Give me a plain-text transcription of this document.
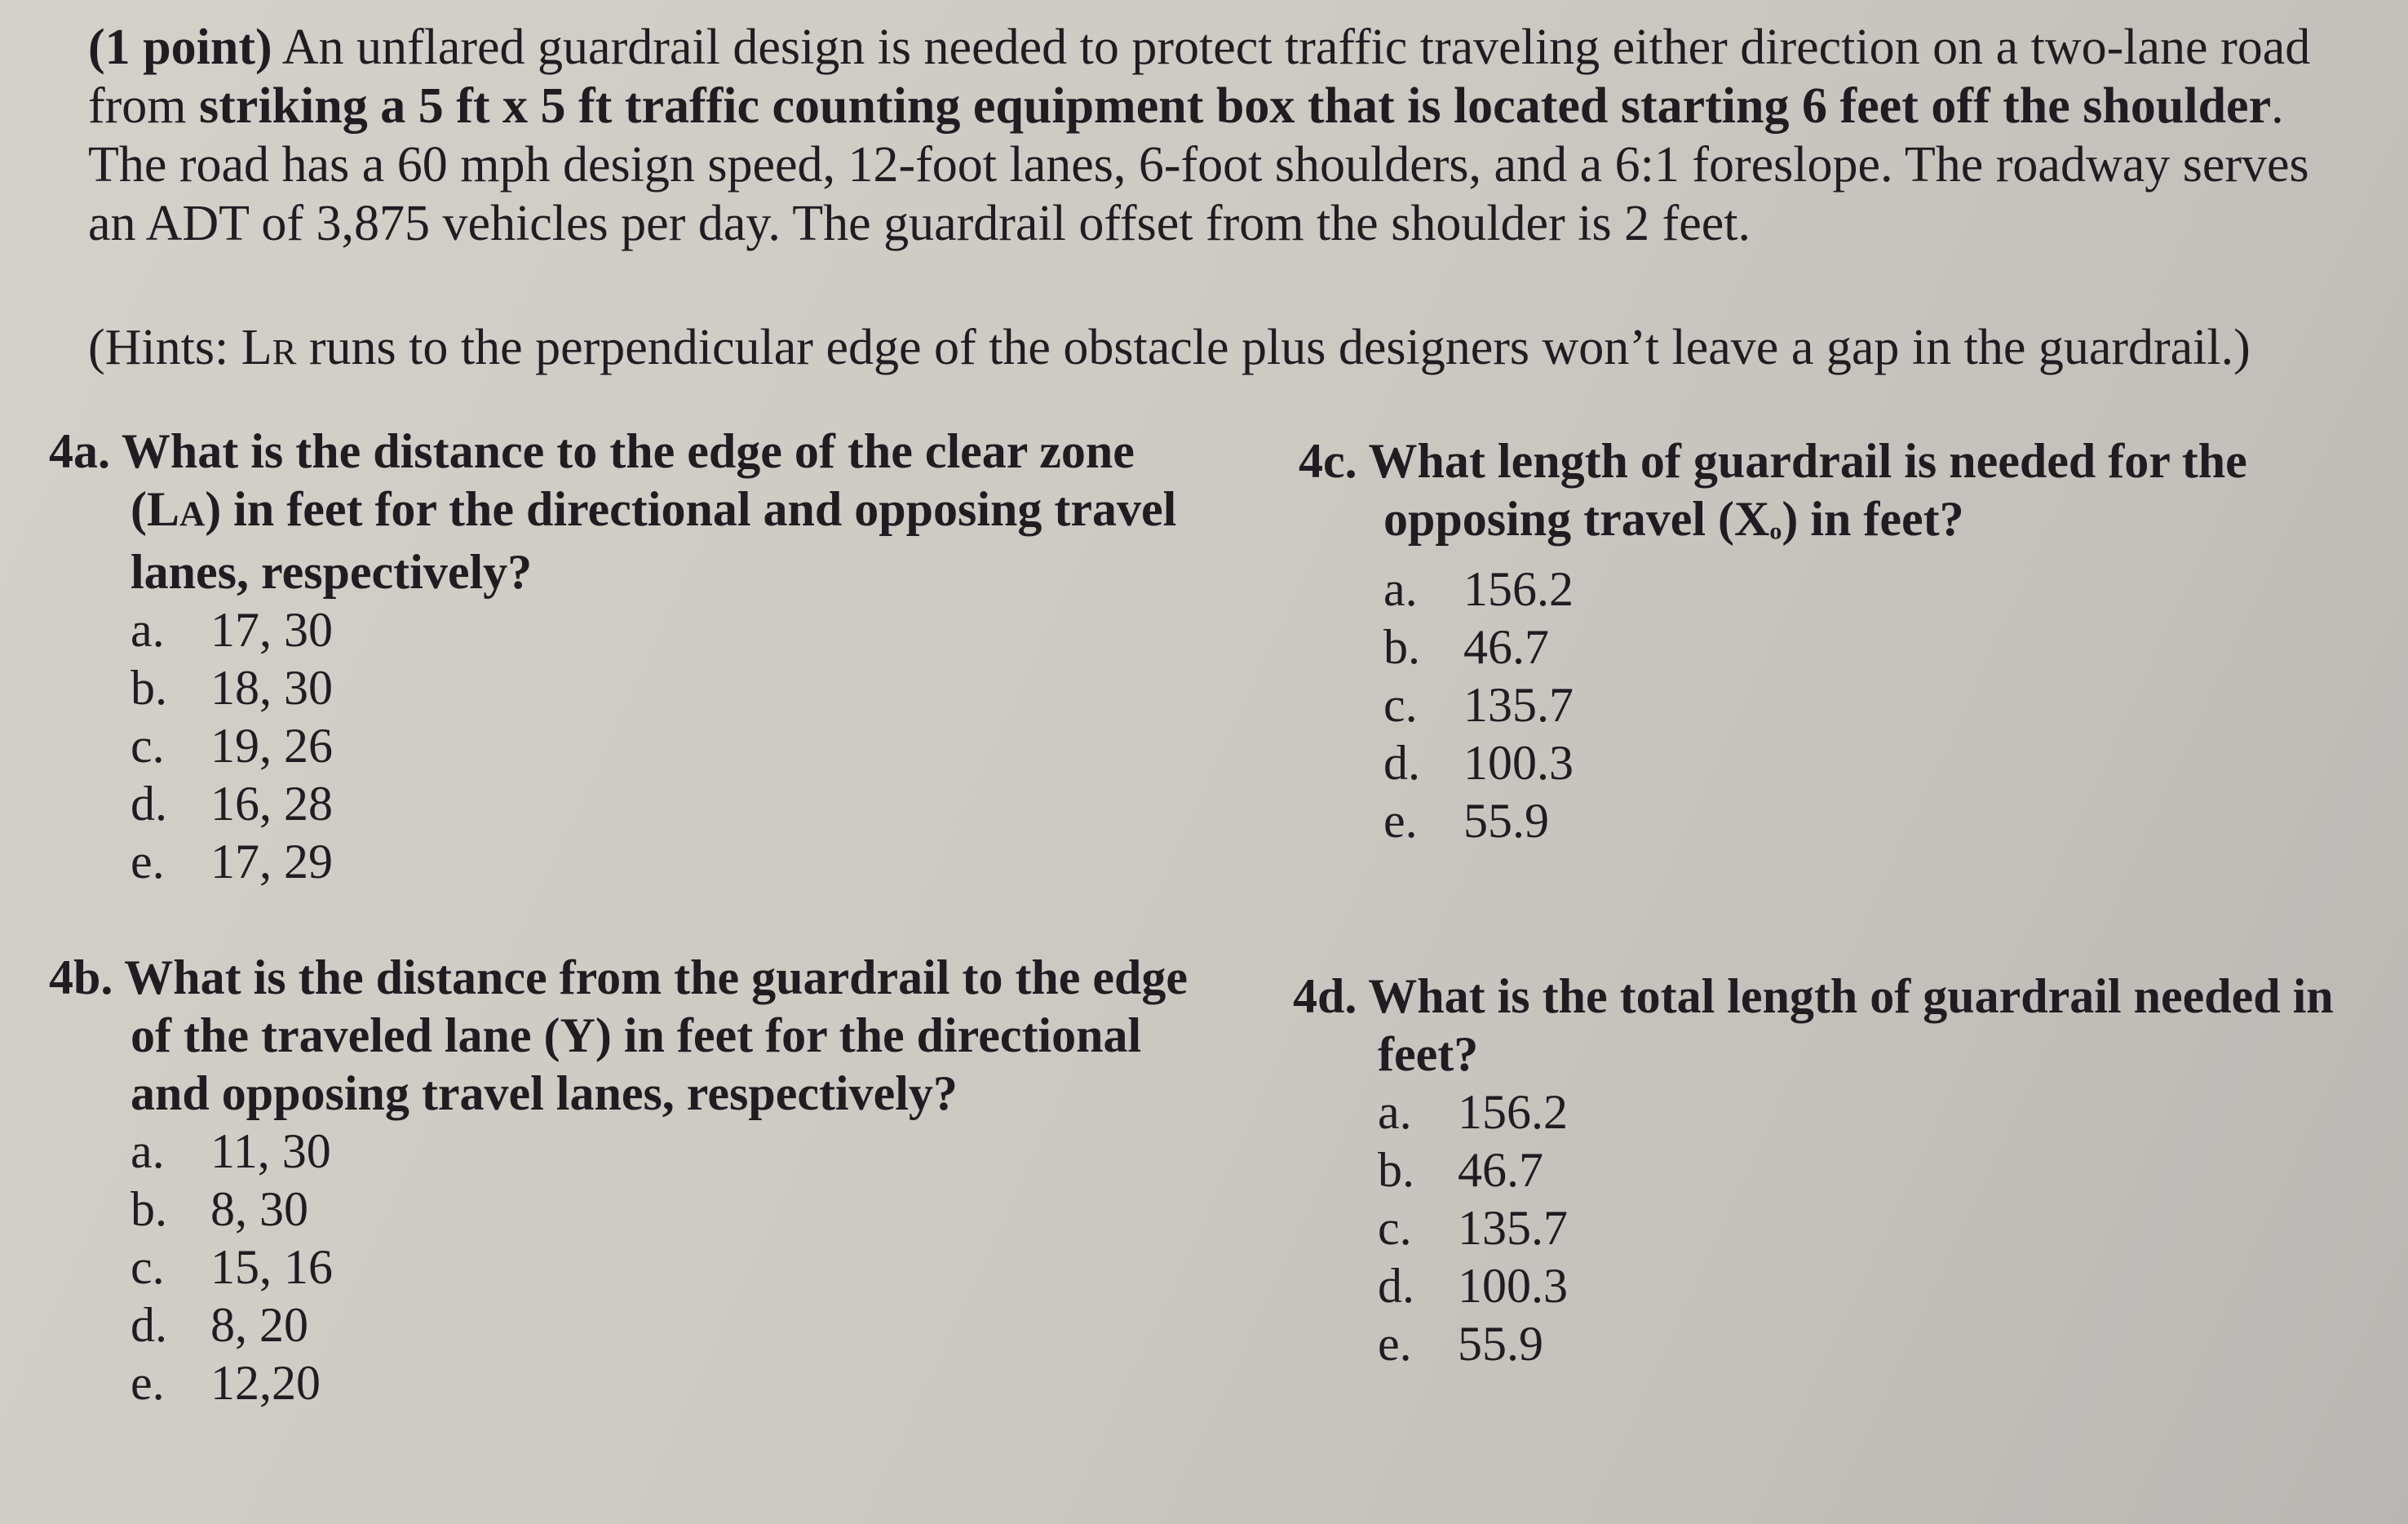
(1 point) An unflared guardrail design is needed to protect traffic traveling either direction on a two-lane road from striking a 5 ft x 5 ft traffic counting equipment box that is located starting 6 feet off the shoulder. The road has a 60 mph design speed, 12-foot lanes, 6-foot shoulders, and a 6:1 foreslope. The roadway serves an ADT of 3,875 vehicles per day. The guardrail offset from the shoulder is 2 feet.

(Hints: LR runs to the perpendicular edge of the obstacle plus designers won’t leave a gap in the guardrail.)

4a. What is the distance to the edge of the clear zone (LA) in feet for the directional and opposing travel lanes, respectively?

a. 17, 30
b. 18, 30
c. 19, 26
d. 16, 28
e. 17, 29

4b. What is the distance from the guardrail to the edge of the traveled lane (Y) in feet for the directional and opposing travel lanes, respectively?

a. 11, 30
b. 8, 30
c. 15, 16
d. 8, 20
e. 12,20

4c. What length of guardrail is needed for the opposing travel (Xo) in feet?

a. 156.2
b. 46.7
c. 135.7
d. 100.3
e. 55.9

4d. What is the total length of guardrail needed in feet?

a. 156.2
b. 46.7
c. 135.7
d. 100.3
e. 55.9
